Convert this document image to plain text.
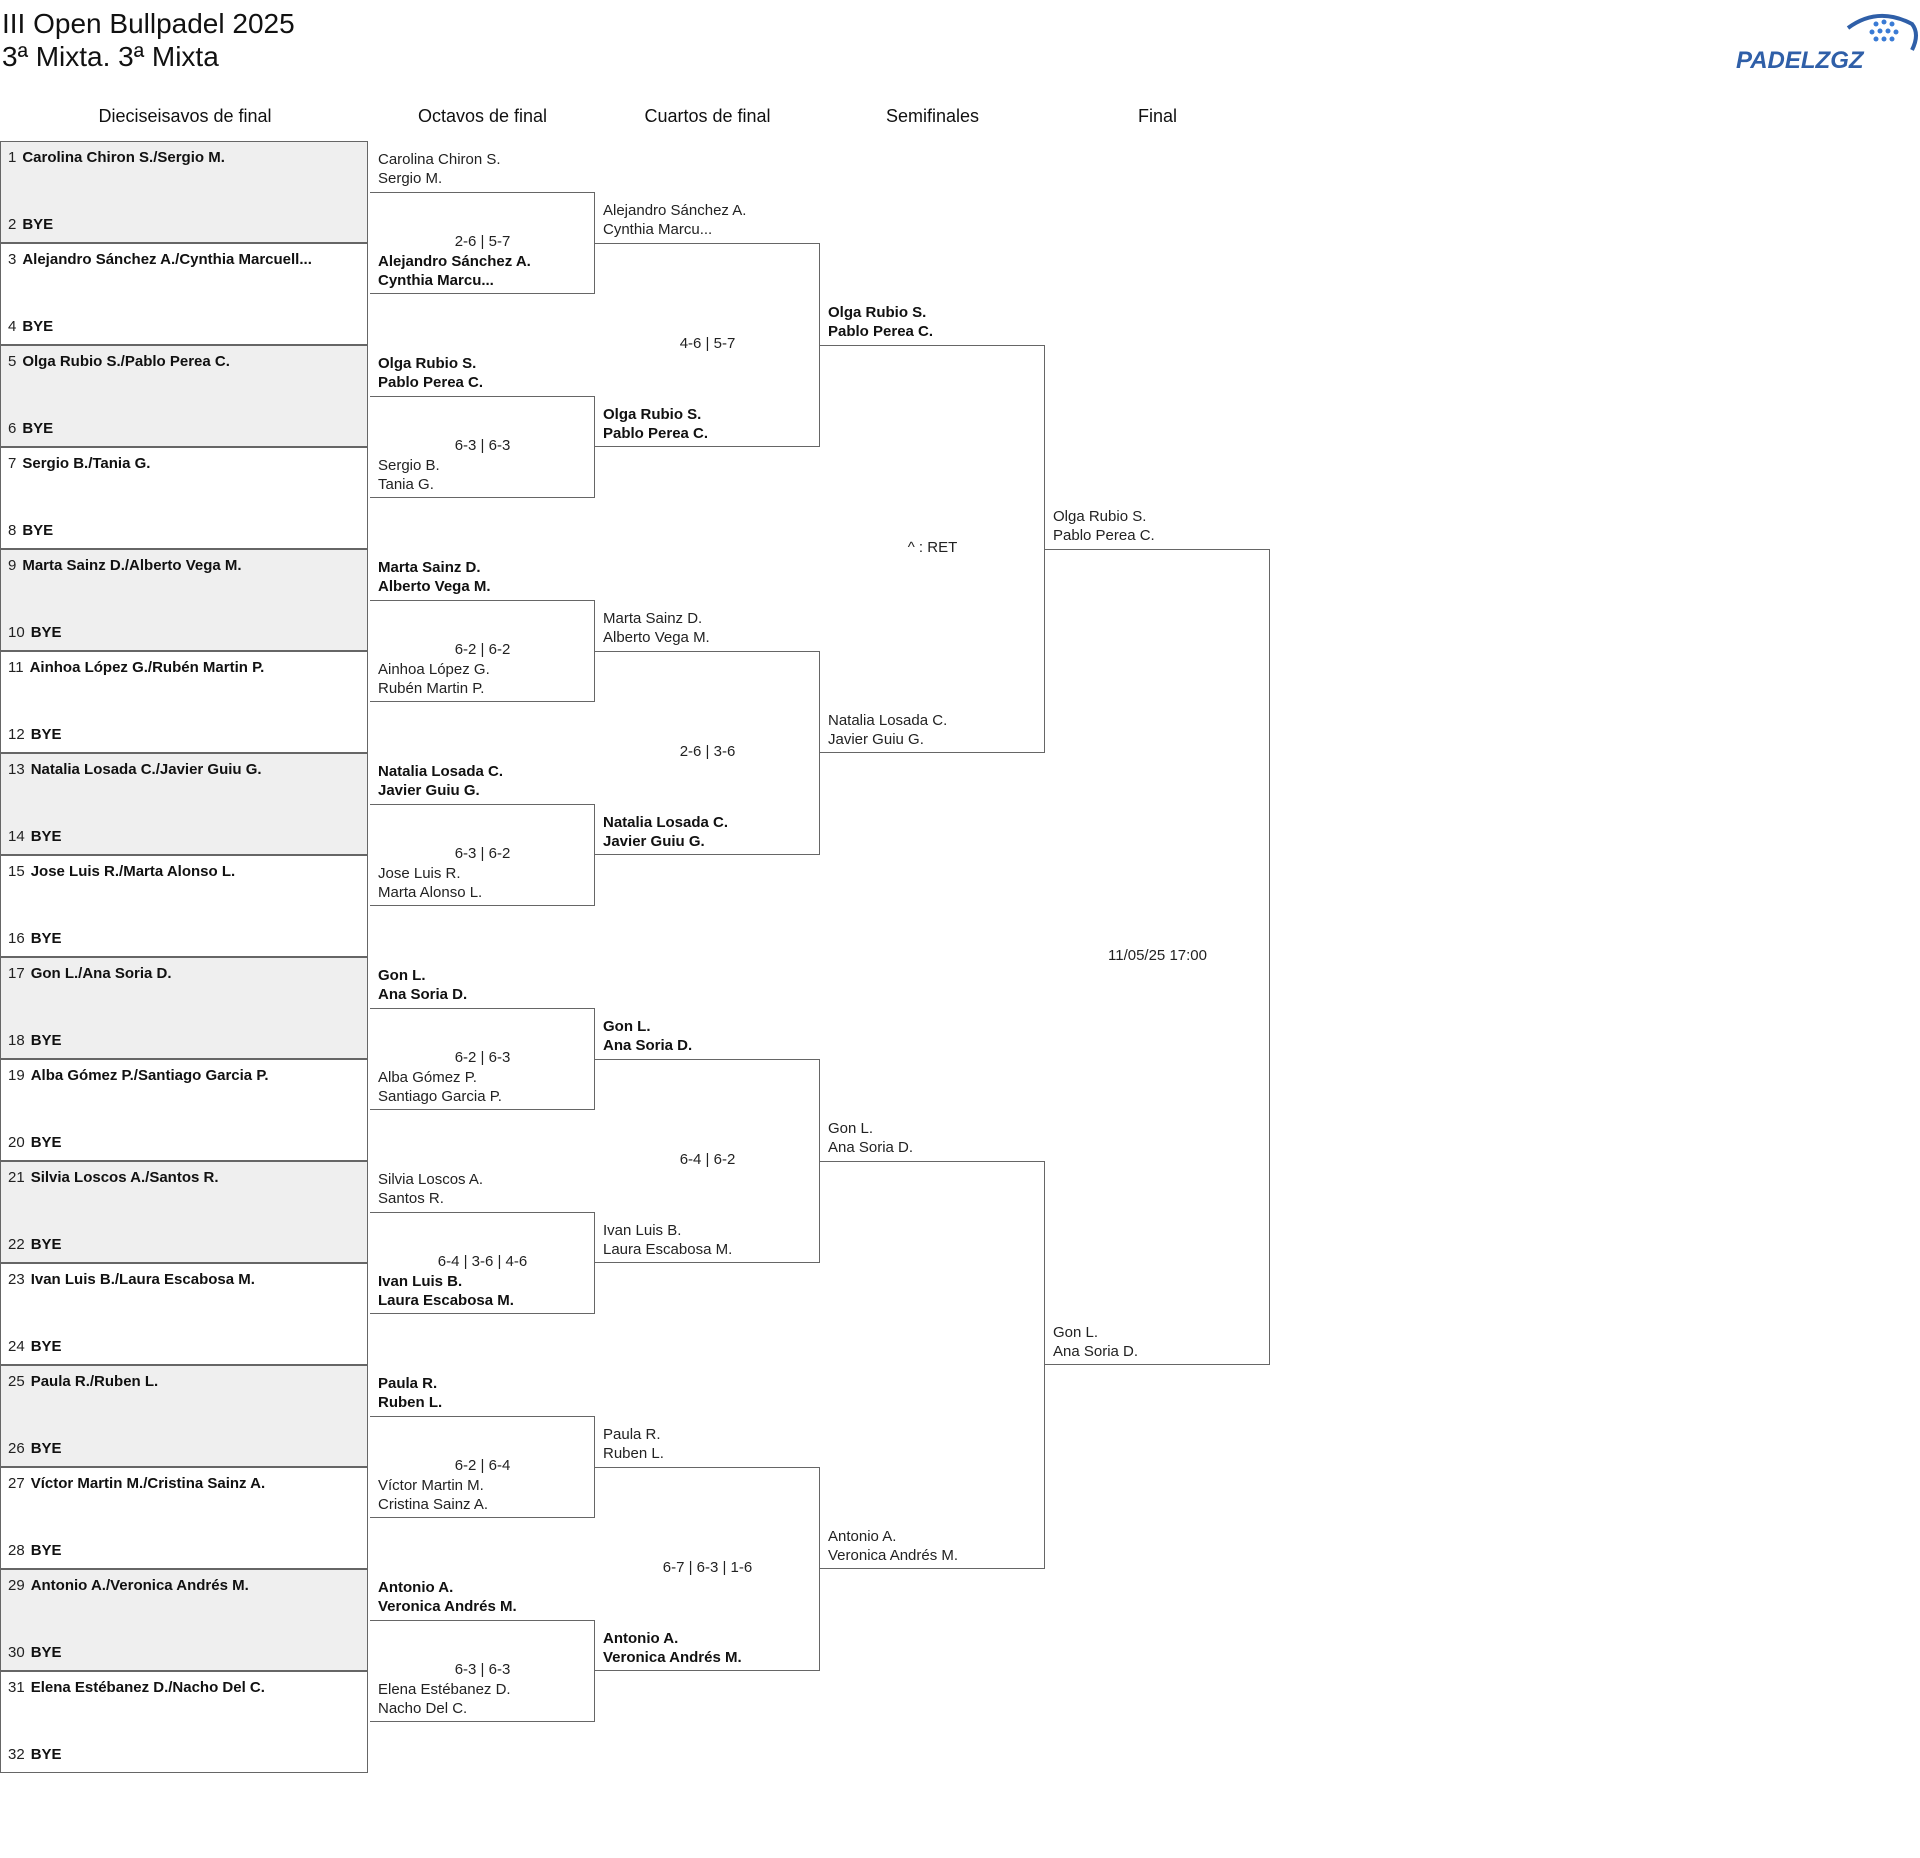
III Open Bullpadel 2025
3ª Mixta. 3ª Mixta	PADELZGZ
Dieciseisavos de final	Octavos de final	Cuartos de final	Semifinales	Final
1 Carolina Chiron S./Sergio M.
2 BYE
3 Alejandro Sánchez A./Cynthia Marcuell...
4 BYE
5 Olga Rubio S./Pablo Perea C.
6 BYE
7 Sergio B./Tania G.
8 BYE
9 Marta Sainz D./Alberto Vega M.
10 BYE
11 Ainhoa López G./Rubén Martin P.
12 BYE
13 Natalia Losada C./Javier Guiu G.
14 BYE
15 Jose Luis R./Marta Alonso L.
16 BYE
17 Gon L./Ana Soria D.
18 BYE
19 Alba Gómez P./Santiago Garcia P.
20 BYE
21 Silvia Loscos A./Santos R.
22 BYE
23 Ivan Luis B./Laura Escabosa M.
24 BYE
25 Paula R./Ruben L.
26 BYE
27 Víctor Martin M./Cristina Sainz A.
28 BYE
29 Antonio A./Veronica Andrés M.
30 BYE
31 Elena Estébanez D./Nacho Del C.
32 BYE
Carolina Chiron S.
Sergio M.
Alejandro Sánchez A.
Cynthia Marcu...
2-6 | 5-7
Olga Rubio S.
Pablo Perea C.
Sergio B.
Tania G.
6-3 | 6-3
Marta Sainz D.
Alberto Vega M.
Ainhoa López G.
Rubén Martin P.
6-2 | 6-2
Natalia Losada C.
Javier Guiu G.
Jose Luis R.
Marta Alonso L.
6-3 | 6-2
Gon L.
Ana Soria D.
Alba Gómez P.
Santiago Garcia P.
6-2 | 6-3
Silvia Loscos A.
Santos R.
Ivan Luis B.
Laura Escabosa M.
6-4 | 3-6 | 4-6
Paula R.
Ruben L.
Víctor Martin M.
Cristina Sainz A.
6-2 | 6-4
Antonio A.
Veronica Andrés M.
Elena Estébanez D.
Nacho Del C.
6-3 | 6-3
Alejandro Sánchez A.
Cynthia Marcu...
Olga Rubio S.
Pablo Perea C.
4-6 | 5-7
Marta Sainz D.
Alberto Vega M.
Natalia Losada C.
Javier Guiu G.
2-6 | 3-6
Gon L.
Ana Soria D.
Ivan Luis B.
Laura Escabosa M.
6-4 | 6-2
Paula R.
Ruben L.
Antonio A.
Veronica Andrés M.
6-7 | 6-3 | 1-6
Olga Rubio S.
Pablo Perea C.
Natalia Losada C.
Javier Guiu G.
^ : RET
Gon L.
Ana Soria D.
Antonio A.
Veronica Andrés M.
Olga Rubio S.
Pablo Perea C.
Gon L.
Ana Soria D.
11/05/25 17:00
